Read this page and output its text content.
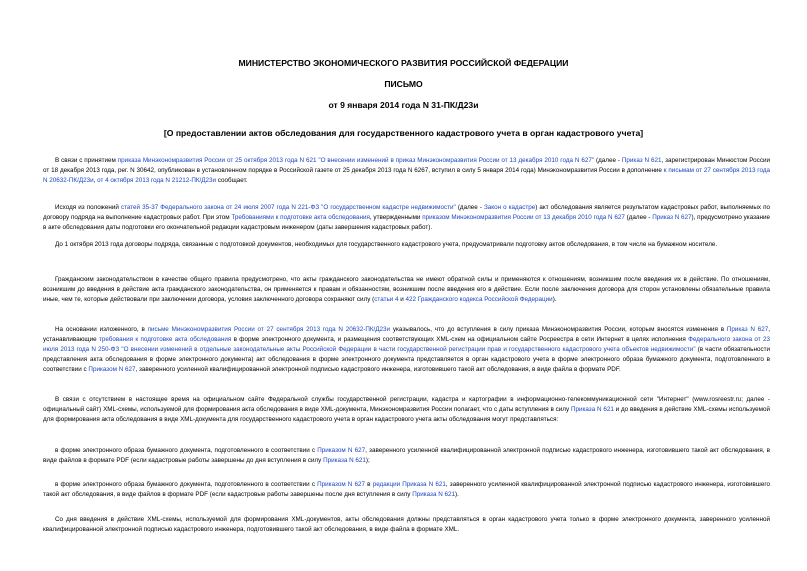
МИНИСТЕРСТВО ЭКОНОМИЧЕСКОГО РАЗВИТИЯ РОССИЙСКОЙ ФЕДЕРАЦИИ
ПИСЬМО
от 9 января 2014 года N 31-ПК/Д23и
[О предоставлении актов обследования для государственного кадастрового учета в орган кадастрового учета]

В связи с принятием приказа Минэкономразвития России от 25 октября 2013 года N 621 "О внесении изменений в приказ Минэкономразвития России от 13 декабря 2010 года N 627" (далее - Приказ N 621, зарегистрирован Минюстом России от 18 декабря 2013 года, рег. N 30642, опубликован в установленном порядке в Российской газете от 25 декабря 2013 года N 6267, вступил в силу 5 января 2014 года) Минэкономразвития России в дополнение к письмам от 27 сентября 2013 года N 20632-ПК/Д23и, от 4 октября 2013 года N 21212-ПК/Д23и сообщает.

Исходя из положений статей 35-37 Федерального закона от 24 июля 2007 года N 221-ФЗ "О государственном кадастре недвижимости" (далее - Закон о кадастре) акт обследования является результатом кадастровых работ, выполняемых по договору подряда на выполнение кадастровых работ. При этом Требованиями к подготовке акта обследования, утвержденными приказом Минэкономразвития России от 13 декабря 2010 года N 627 (далее - Приказ N 627), предусмотрено указание в акте обследования даты подготовки его окончательной редакции кадастровым инженером (даты завершения кадастровых работ).

До 1 октября 2013 года договоры подряда, связанные с подготовкой документов, необходимых для государственного кадастрового учета, предусматривали подготовку актов обследования, в том числе на бумажном носителе.

Гражданским законодательством в качестве общего правила предусмотрено, что акты гражданского законодательства не имеют обратной силы и применяются к отношениям, возникшим после введения их в действие. По отношениям, возникшим до введения в действие акта гражданского законодательства, он применяется к правам и обязанностям, возникшим после введения его в действие. Если после заключения договора для сторон установлены обязательные правила иные, чем те, которые действовали при заключении договора, условия заключенного договора сохраняют силу (статьи 4 и 422 Гражданского кодекса Российской Федерации).

На основании изложенного, в письме Минэкономразвития России от 27 сентября 2013 года N 20632-ПК/Д23и указывалось, что до вступления в силу приказа Минэкономразвития России, которым вносятся изменения в Приказ N 627, устанавливающие требования к подготовке акта обследования в форме электронного документа, и размещения соответствующих XML-схем на официальном сайте Росреестра в сети Интернет в целях исполнения Федерального закона от 23 июля 2013 года N 250-ФЗ "О внесении изменений в отдельные законодательные акты Российской Федерации в части государственной регистрации прав и государственного кадастрового учета объектов недвижимости" (в части обязательности представления акта обследования в форме электронного документа) акт обследования в форме электронного документа представляется в орган кадастрового учета в форме электронного образа бумажного документа, подготовленного в соответствии с Приказом N 627, заверенного усиленной квалифицированной электронной подписью кадастрового инженера, изготовившего такой акт обследования, в виде файла в формате PDF.

В связи с отсутствием в настоящее время на официальном сайте Федеральной службы государственной регистрации, кадастра и картографии в информационно-телекоммуникационной сети "Интернет" (www.rosreestr.ru; далее - официальный сайт) XML-схемы, используемой для формирования акта обследования в виде XML-документа, Минэкономразвития России полагает, что с даты вступления в силу Приказа N 621 и до введения в действие XML-схемы используемой для формирования акта обследования в виде XML-документа для государственного кадастрового учета в орган кадастрового учета акты обследования могут представляться:

в форме электронного образа бумажного документа, подготовленного в соответствии с Приказом N 627, заверенного усиленной квалифицированной электронной подписью кадастрового инженера, изготовившего такой акт обследования, в виде файлов в формате PDF (если кадастровые работы завершены до дня вступления в силу Приказа N 621);

в форме электронного образа бумажного документа, подготовленного в соответствии с Приказом N 627 в редакции Приказа N 621, заверенного усиленной квалифицированной электронной подписью кадастрового инженера, изготовившего такой акт обследования, в виде файлов в формате PDF (если кадастровые работы завершены после дня вступления в силу Приказа N 621).

Со дня введения в действие XML-схемы, используемой для формирования XML-документов, акты обследования должны представляться в орган кадастрового учета только в форме электронного документа, заверенного усиленной квалифицированной электронной подписью кадастрового инженера, подготовившего такой акт обследования, в виде файла в формате XML.
